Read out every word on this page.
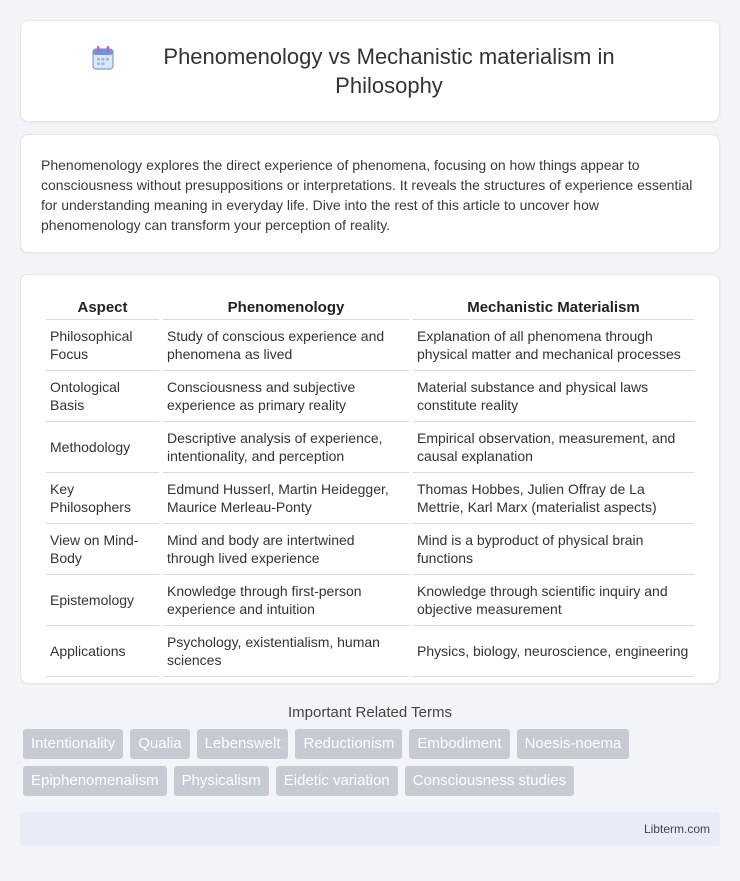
Phenomenology vs Mechanistic materialism in Philosophy

Phenomenology explores the direct experience of phenomena, focusing on how things appear to consciousness without presuppositions or interpretations. It reveals the structures of experience essential for understanding meaning in everyday life. Dive into the rest of this article to uncover how phenomenology can transform your perception of reality.

Aspect	Phenomenology	Mechanistic Materialism
Philosophical Focus	Study of conscious experience and phenomena as lived	Explanation of all phenomena through physical matter and mechanical processes
Ontological Basis	Consciousness and subjective experience as primary reality	Material substance and physical laws constitute reality
Methodology	Descriptive analysis of experience, intentionality, and perception	Empirical observation, measurement, and causal explanation
Key Philosophers	Edmund Husserl, Martin Heidegger, Maurice Merleau-Ponty	Thomas Hobbes, Julien Offray de La Mettrie, Karl Marx (materialist aspects)
View on Mind-Body	Mind and body are intertwined through lived experience	Mind is a byproduct of physical brain functions
Epistemology	Knowledge through first-person experience and intuition	Knowledge through scientific inquiry and objective measurement
Applications	Psychology, existentialism, human sciences	Physics, biology, neuroscience, engineering
Important Related Terms
Intentionality	Qualia	Lebenswelt	Reductionism	Embodiment	Noesis-noema
Epiphenomenalism	Physicalism	Eidetic variation	Consciousness studies
Libterm.com
